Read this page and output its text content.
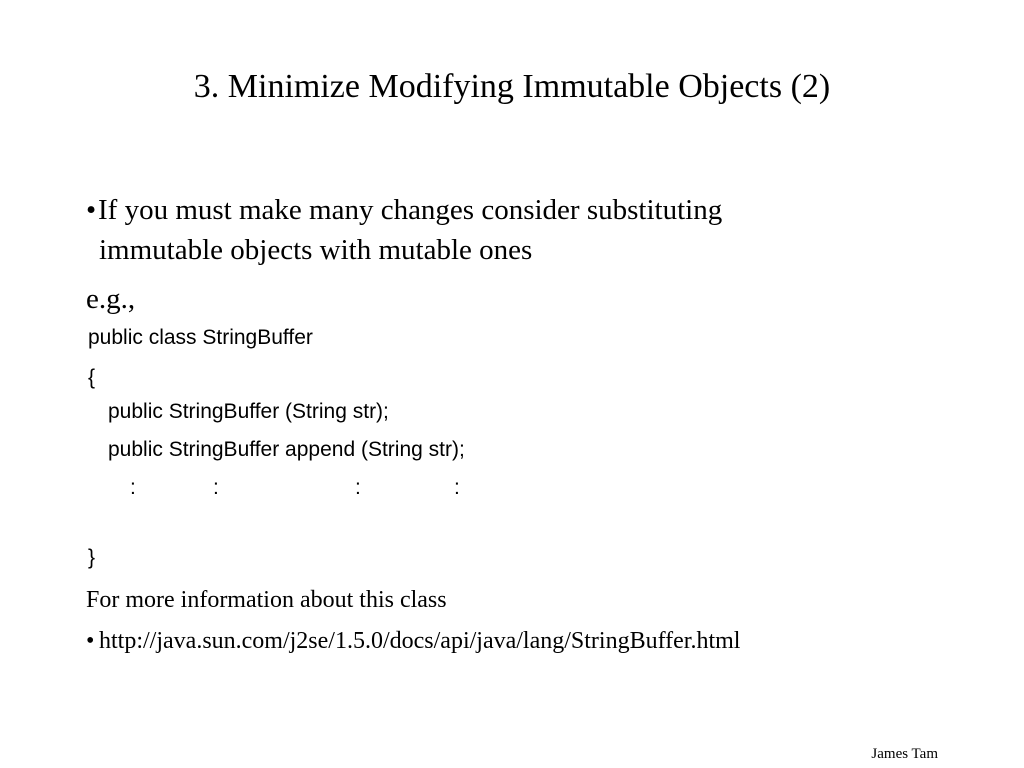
3. Minimize Modifying Immutable Objects (2)
•If you must make many changes consider substituting
immutable objects with mutable ones
e.g.,
public class StringBuffer
{
public StringBuffer (String str);
public StringBuffer append (String str);
:	:	:	:
}
For more information about this class
• http://java.sun.com/j2se/1.5.0/docs/api/java/lang/StringBuffer.html
James Tam
